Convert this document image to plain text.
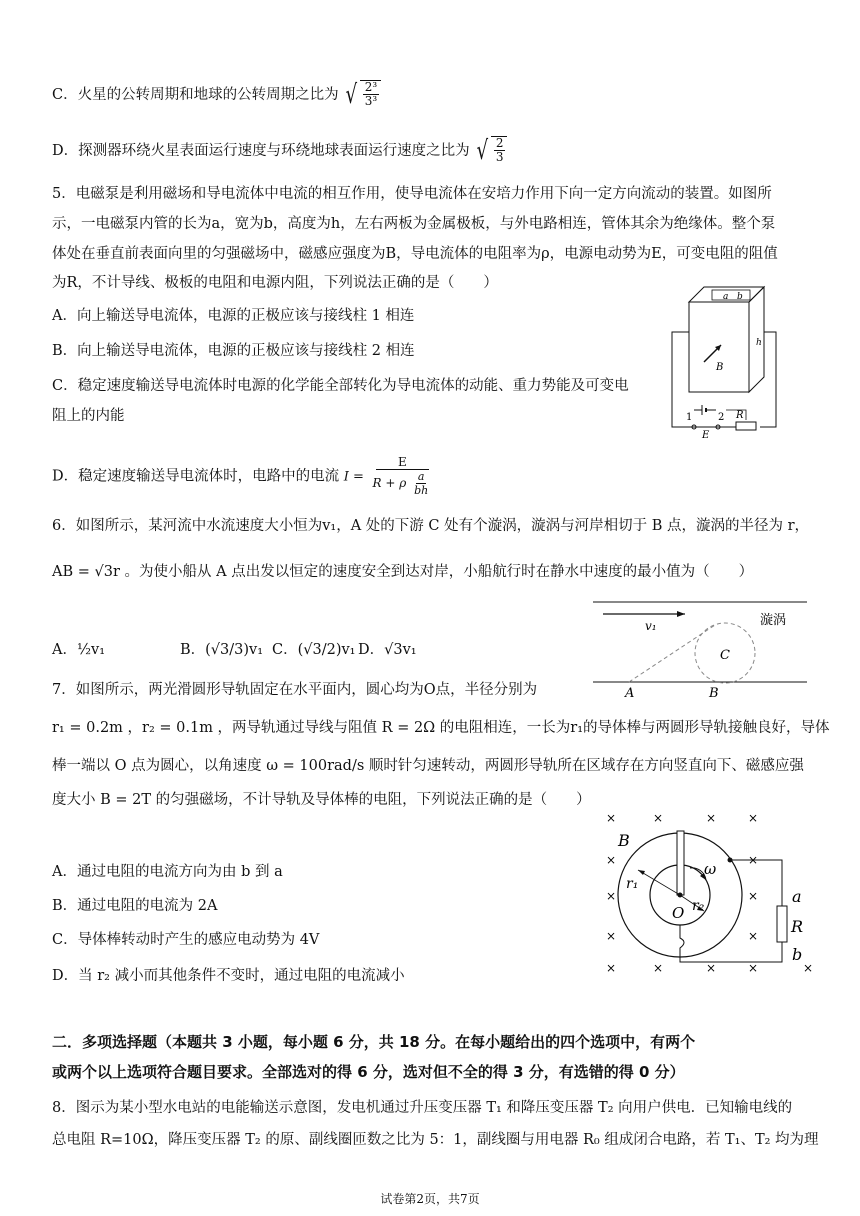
C．火星的公转周期和地球的公转周期之比为 √ $\frac{\text{2³}}{\text{3³}}$
D．探测器环绕火星表面运行速度与环绕地球表面运行速度之比为 √ $\frac{2}{3}$
5．电磁泵是利用磁场和导电流体中电流的相互作用，使导电流体在安培力作用下向一定方向流动的装置。如图所
示，一电磁泵内管的长为a，宽为b，高度为h，左右两板为金属极板，与外电路相连，管体其余为绝缘体。整个泵
体处在垂直前表面向里的匀强磁场中，磁感应强度为B，导电流体的电阻率为ρ，电源电动势为E，可变电阻的阻值
为R，不计导线、极板的电阻和电源内阻，下列说法正确的是（　　）
A．向上输送导电流体，电源的正极应该与接线柱 1 相连
B．向上输送导电流体，电源的正极应该与接线柱 2 相连
C．稳定速度输送导电流体时电源的化学能全部转化为导电流体的动能、重力势能及可变电
阻上的内能
D．稳定速度输送导电流体时，电路中的电流 $I = \frac{E}{R + \rho \frac{a}{bh}}$
a b
h
B
1	2
E
R
6．如图所示，某河流中水流速度大小恒为v₁，A 处的下游 C 处有个漩涡，漩涡与河岸相切于 B 点，漩涡的半径为 r，
AB = √3r 。为使小船从 A 点出发以恒定的速度安全到达对岸，小船航行时在静水中速度的最小值为（　　）
A．½v₁	B．(√3/3)v₁ C．(√3/2)v₁ D．√3v₁
v₁
C
漩涡
A	B
7．如图所示，两光滑圆形导轨固定在水平面内，圆心均为O点，半径分别为
r₁ = 0.2m ，r₂ = 0.1m ，两导轨通过导线与阻值 R = 2Ω 的电阻相连，一长为r₁的导体棒与两圆形导轨接触良好，导体
棒一端以 O 点为圆心，以角速度 ω = 100rad/s 顺时针匀速转动，两圆形导轨所在区域存在方向竖直向下、磁感应强
度大小 B = 2T 的匀强磁场，不计导轨及导体棒的电阻，下列说法正确的是（　　）
A．通过电阻的电流方向为由 b 到 a
B．通过电阻的电流为 2A
C．导体棒转动时产生的感应电动势为 4V
D．当 r₂ 减小而其他条件不变时，通过电阻的电流减小
×	×	×	×
×	×
×	×
×	×
×	×	×	×	×
B
r₁
r₂
O
ω
a
R
b
二．多项选择题（本题共 3 小题，每小题 6 分，共 18 分。在每小题给出的四个选项中，有两个
或两个以上选项符合题目要求。全部选对的得 6 分，选对但不全的得 3 分，有选错的得 0 分）
8．图示为某小型水电站的电能输送示意图，发电机通过升压变压器 T₁ 和降压变压器 T₂ 向用户供电．已知输电线的
总电阻 R=10Ω，降压变压器 T₂ 的原、副线圈匝数之比为 5：1，副线圈与用电器 R₀ 组成闭合电路，若 T₁、T₂ 均为理
试卷第2页，共7页
